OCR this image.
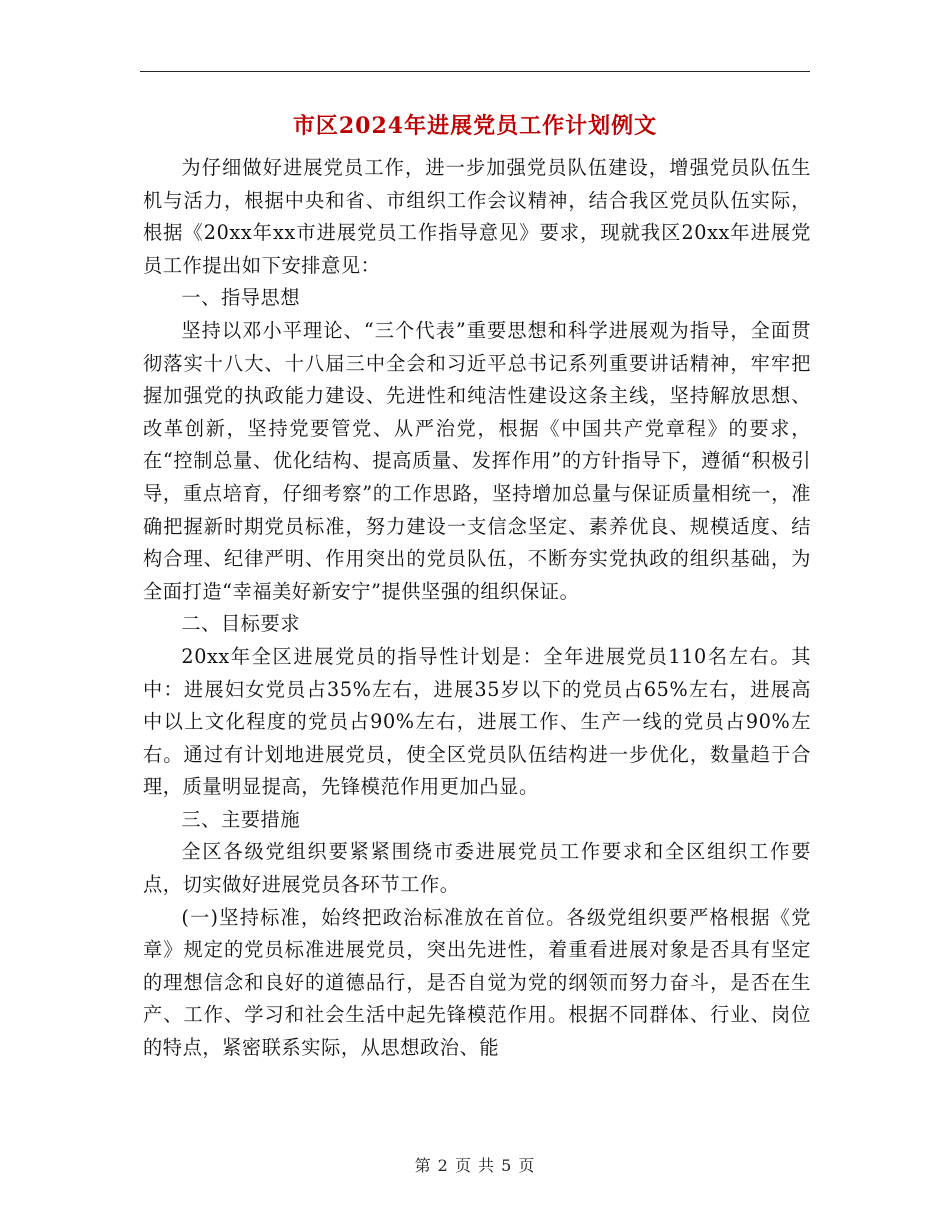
市区2024年进展党员工作计划例文

为仔细做好进展党员工作，进一步加强党员队伍建设，增强党员队伍生机与活力，根据中央和省、市组织工作会议精神，结合我区党员队伍实际，根据《20xx年xx市进展党员工作指导意见》要求，现就我区20xx年进展党员工作提出如下安排意见：

一、指导思想

坚持以邓小平理论、“三个代表”重要思想和科学进展观为指导，全面贯彻落实十八大、十八届三中全会和习近平总书记系列重要讲话精神，牢牢把握加强党的执政能力建设、先进性和纯洁性建设这条主线，坚持解放思想、改革创新，坚持党要管党、从严治党，根据《中国共产党章程》的要求，在“控制总量、优化结构、提高质量、发挥作用”的方针指导下，遵循“积极引导，重点培育，仔细考察”的工作思路，坚持增加总量与保证质量相统一，准确把握新时期党员标准，努力建设一支信念坚定、素养优良、规模适度、结构合理、纪律严明、作用突出的党员队伍，不断夯实党执政的组织基础，为全面打造“幸福美好新安宁”提供坚强的组织保证。

二、目标要求

20xx年全区进展党员的指导性计划是：全年进展党员110名左右。其中：进展妇女党员占35%左右，进展35岁以下的党员占65%左右，进展高中以上文化程度的党员占90%左右，进展工作、生产一线的党员占90%左右。通过有计划地进展党员，使全区党员队伍结构进一步优化，数量趋于合理，质量明显提高，先锋模范作用更加凸显。

三、主要措施

全区各级党组织要紧紧围绕市委进展党员工作要求和全区组织工作要点，切实做好进展党员各环节工作。

(一)坚持标准，始终把政治标准放在首位。各级党组织要严格根据《党章》规定的党员标准进展党员，突出先进性，着重看进展对象是否具有坚定的理想信念和良好的道德品行，是否自觉为党的纲领而努力奋斗，是否在生产、工作、学习和社会生活中起先锋模范作用。根据不同群体、行业、岗位的特点，紧密联系实际，从思想政治、能

第 2 页 共 5 页
